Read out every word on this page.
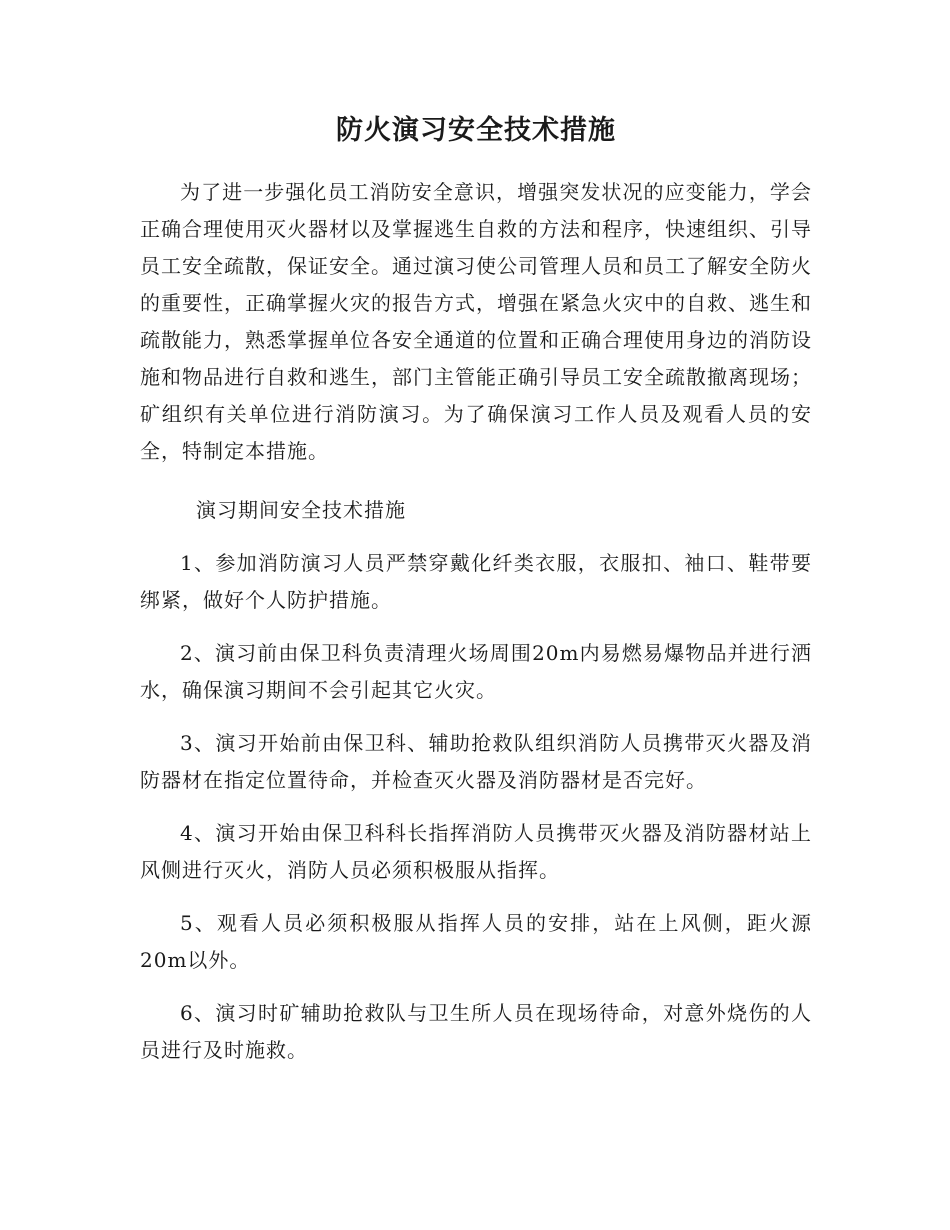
防火演习安全技术措施

为了进一步强化员工消防安全意识，增强突发状况的应变能力，学会正确合理使用灭火器材以及掌握逃生自救的方法和程序，快速组织、引导员工安全疏散，保证安全。通过演习使公司管理人员和员工了解安全防火的重要性，正确掌握火灾的报告方式，增强在紧急火灾中的自救、逃生和疏散能力，熟悉掌握单位各安全通道的位置和正确合理使用身边的消防设施和物品进行自救和逃生，部门主管能正确引导员工安全疏散撤离现场；矿组织有关单位进行消防演习。为了确保演习工作人员及观看人员的安全，特制定本措施。

演习期间安全技术措施

1、参加消防演习人员严禁穿戴化纤类衣服，衣服扣、袖口、鞋带要绑紧，做好个人防护措施。

2、演习前由保卫科负责清理火场周围20m内易燃易爆物品并进行洒水，确保演习期间不会引起其它火灾。

3、演习开始前由保卫科、辅助抢救队组织消防人员携带灭火器及消防器材在指定位置待命，并检查灭火器及消防器材是否完好。

4、演习开始由保卫科科长指挥消防人员携带灭火器及消防器材站上风侧进行灭火，消防人员必须积极服从指挥。

5、观看人员必须积极服从指挥人员的安排，站在上风侧，距火源20m以外。

6、演习时矿辅助抢救队与卫生所人员在现场待命，对意外烧伤的人员进行及时施救。
